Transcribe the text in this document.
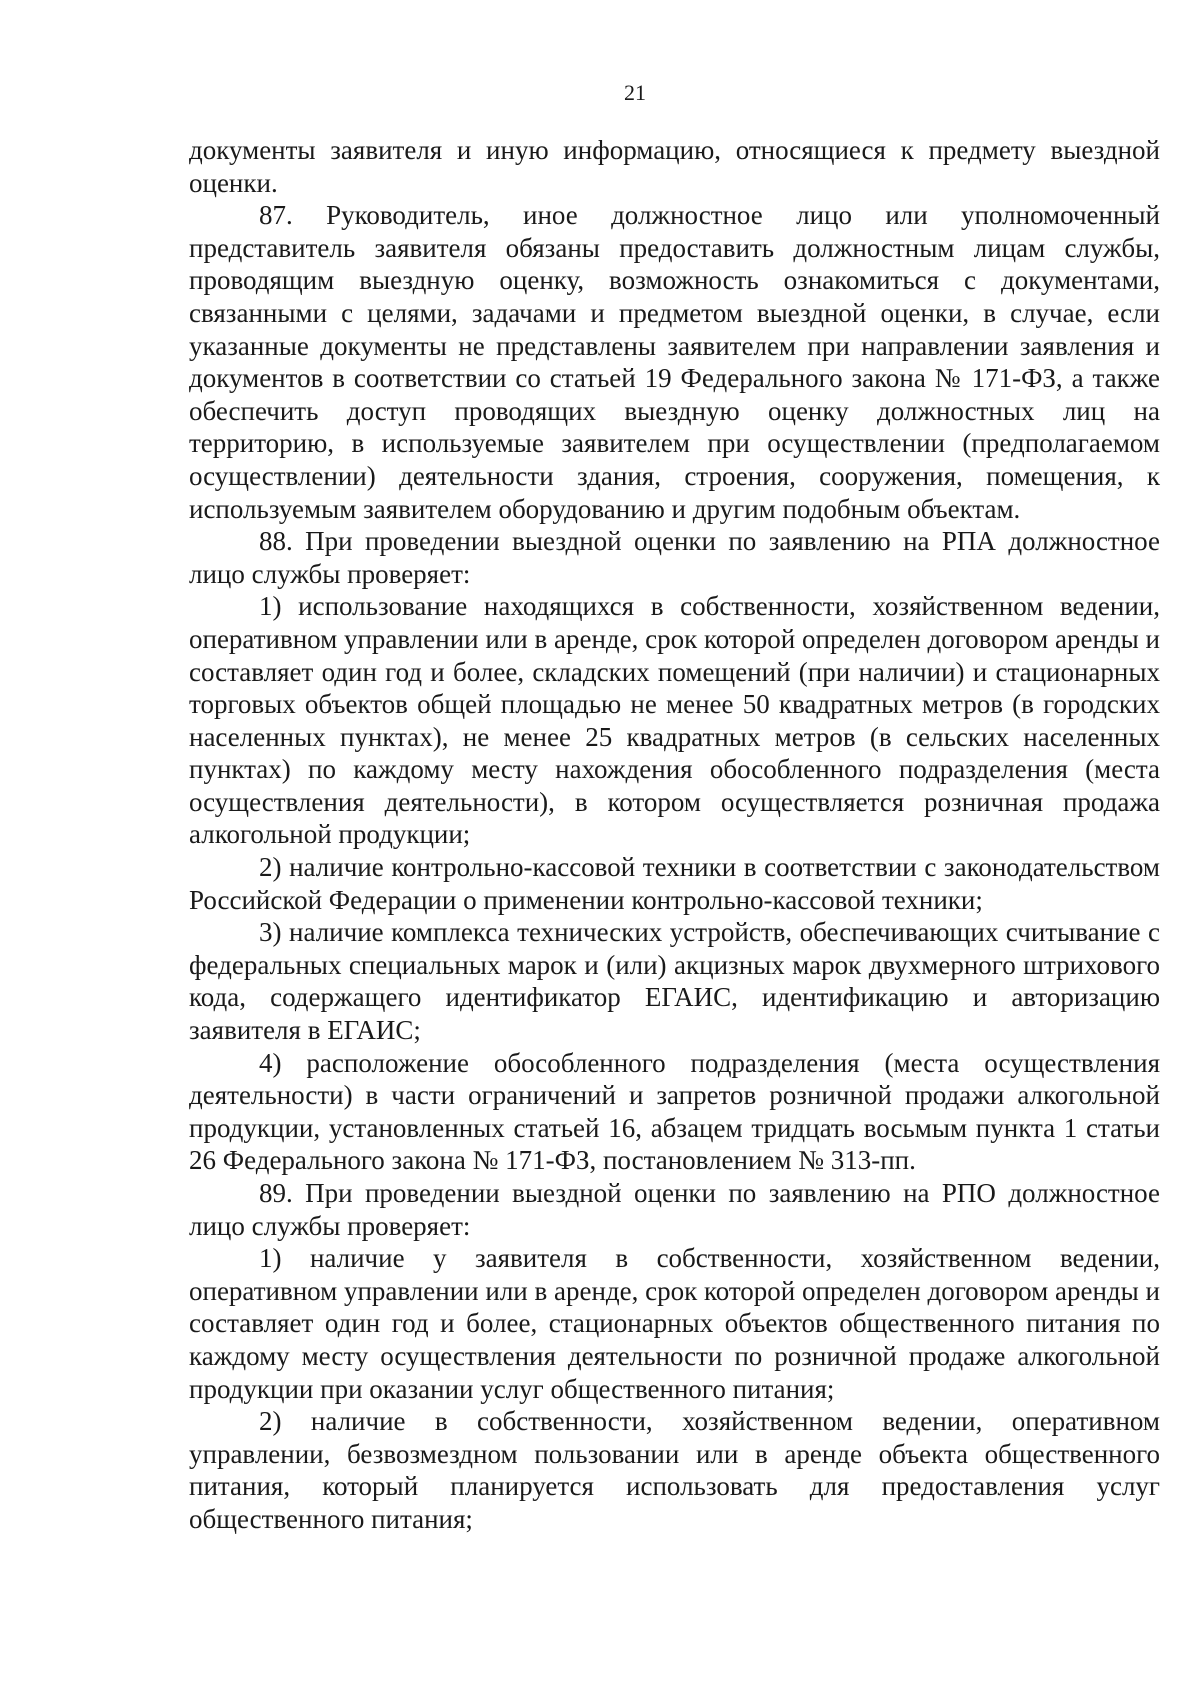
21

документы заявителя и иную информацию, относящиеся к предмету выездной оценки.

87. Руководитель, иное должностное лицо или уполномоченный представитель заявителя обязаны предоставить должностным лицам службы, проводящим выездную оценку, возможность ознакомиться с документами, связанными с целями, задачами и предметом выездной оценки, в случае, если указанные документы не представлены заявителем при направлении заявления и документов в соответствии со статьей 19 Федерального закона № 171-ФЗ, а также обеспечить доступ проводящих выездную оценку должностных лиц на территорию, в используемые заявителем при осуществлении (предполагаемом осуществлении) деятельности здания, строения, сооружения, помещения, к используемым заявителем оборудованию и другим подобным объектам.

88. При проведении выездной оценки по заявлению на РПА должностное лицо службы проверяет:

1) использование находящихся в собственности, хозяйственном ведении, оперативном управлении или в аренде, срок которой определен договором аренды и составляет один год и более, складских помещений (при наличии) и стационарных торговых объектов общей площадью не менее 50 квадратных метров (в городских населенных пунктах), не менее 25 квадратных метров (в сельских населенных пунктах) по каждому месту нахождения обособленного подразделения (места осуществления деятельности), в котором осуществляется розничная продажа алкогольной продукции;

2) наличие контрольно-кассовой техники в соответствии с законодательством Российской Федерации о применении контрольно-кассовой техники;

3) наличие комплекса технических устройств, обеспечивающих считывание с федеральных специальных марок и (или) акцизных марок двухмерного штрихового кода, содержащего идентификатор ЕГАИС, идентификацию и авторизацию заявителя в ЕГАИС;

4) расположение обособленного подразделения (места осуществления деятельности) в части ограничений и запретов розничной продажи алкогольной продукции, установленных статьей 16, абзацем тридцать восьмым пункта 1 статьи 26 Федерального закона № 171-ФЗ, постановлением № 313-пп.

89. При проведении выездной оценки по заявлению на РПО должностное лицо службы проверяет:

1) наличие у заявителя в собственности, хозяйственном ведении, оперативном управлении или в аренде, срок которой определен договором аренды и составляет один год и более, стационарных объектов общественного питания по каждому месту осуществления деятельности по розничной продаже алкогольной продукции при оказании услуг общественного питания;

2) наличие в собственности, хозяйственном ведении, оперативном управлении, безвозмездном пользовании или в аренде объекта общественного питания, который планируется использовать для предоставления услуг общественного питания;
